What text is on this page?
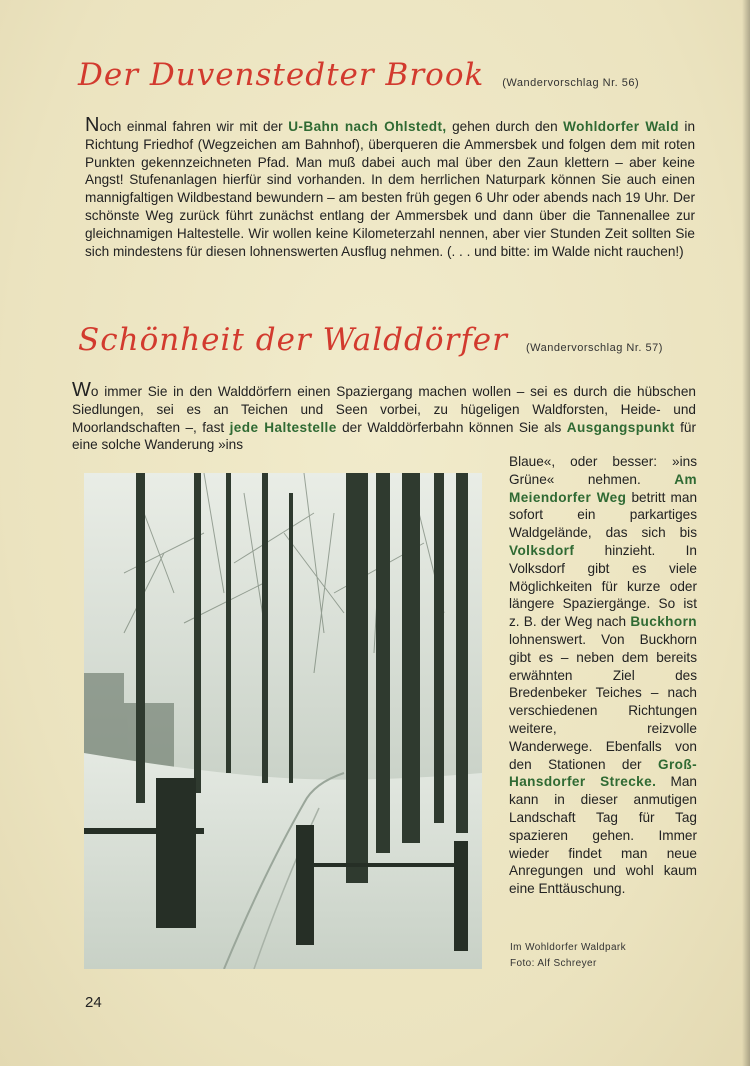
Der Duvenstedter Brook (Wandervorschlag Nr. 56)
Noch einmal fahren wir mit der U-Bahn nach Ohlstedt, gehen durch den Wohldorfer Wald in Richtung Friedhof (Wegzeichen am Bahnhof), überqueren die Ammersbek und folgen dem mit roten Punkten gekennzeichneten Pfad. Man muß dabei auch mal über den Zaun klettern – aber keine Angst! Stufenanlagen hierfür sind vorhanden. In dem herrlichen Naturpark können Sie auch einen mannigfaltigen Wildbestand bewundern – am besten früh gegen 6 Uhr oder abends nach 19 Uhr. Der schönste Weg zurück führt zunächst entlang der Ammersbek und dann über die Tannenallee zur gleichnamigen Haltestelle. Wir wollen keine Kilometerzahl nennen, aber vier Stunden Zeit sollten Sie sich mindestens für diesen lohnenswerten Ausflug nehmen. (. . . und bitte: im Walde nicht rauchen!)
Schönheit der Walddörfer (Wandervorschlag Nr. 57)
Wo immer Sie in den Walddörfern einen Spaziergang machen wollen – sei es durch die hübschen Siedlungen, sei es an Teichen und Seen vorbei, zu hügeligen Waldforsten, Heide- und Moorlandschaften –, fast jede Haltestelle der Walddörferbahn können Sie als Ausgangspunkt für eine solche Wanderung »ins
Blaue«, oder besser: »ins Grüne« nehmen. Am Meiendorfer Weg betritt man sofort ein parkartiges Waldgelände, das sich bis Volksdorf hinzieht. In Volksdorf gibt es viele Möglichkeiten für kurze oder längere Spaziergänge. So ist z. B. der Weg nach Buckhorn lohnenswert. Von Buckhorn gibt es – neben dem bereits erwähnten Ziel des Bredenbeker Teiches – nach verschiedenen Richtungen weitere, reizvolle Wanderwege. Ebenfalls von den Stationen der Groß-Hansdorfer Strecke. Man kann in dieser anmutigen Landschaft Tag für Tag spazieren gehen. Immer wieder findet man neue Anregungen und wohl kaum eine Enttäuschung.
Im Wohldorfer Waldpark
Foto: Alf Schreyer
24
